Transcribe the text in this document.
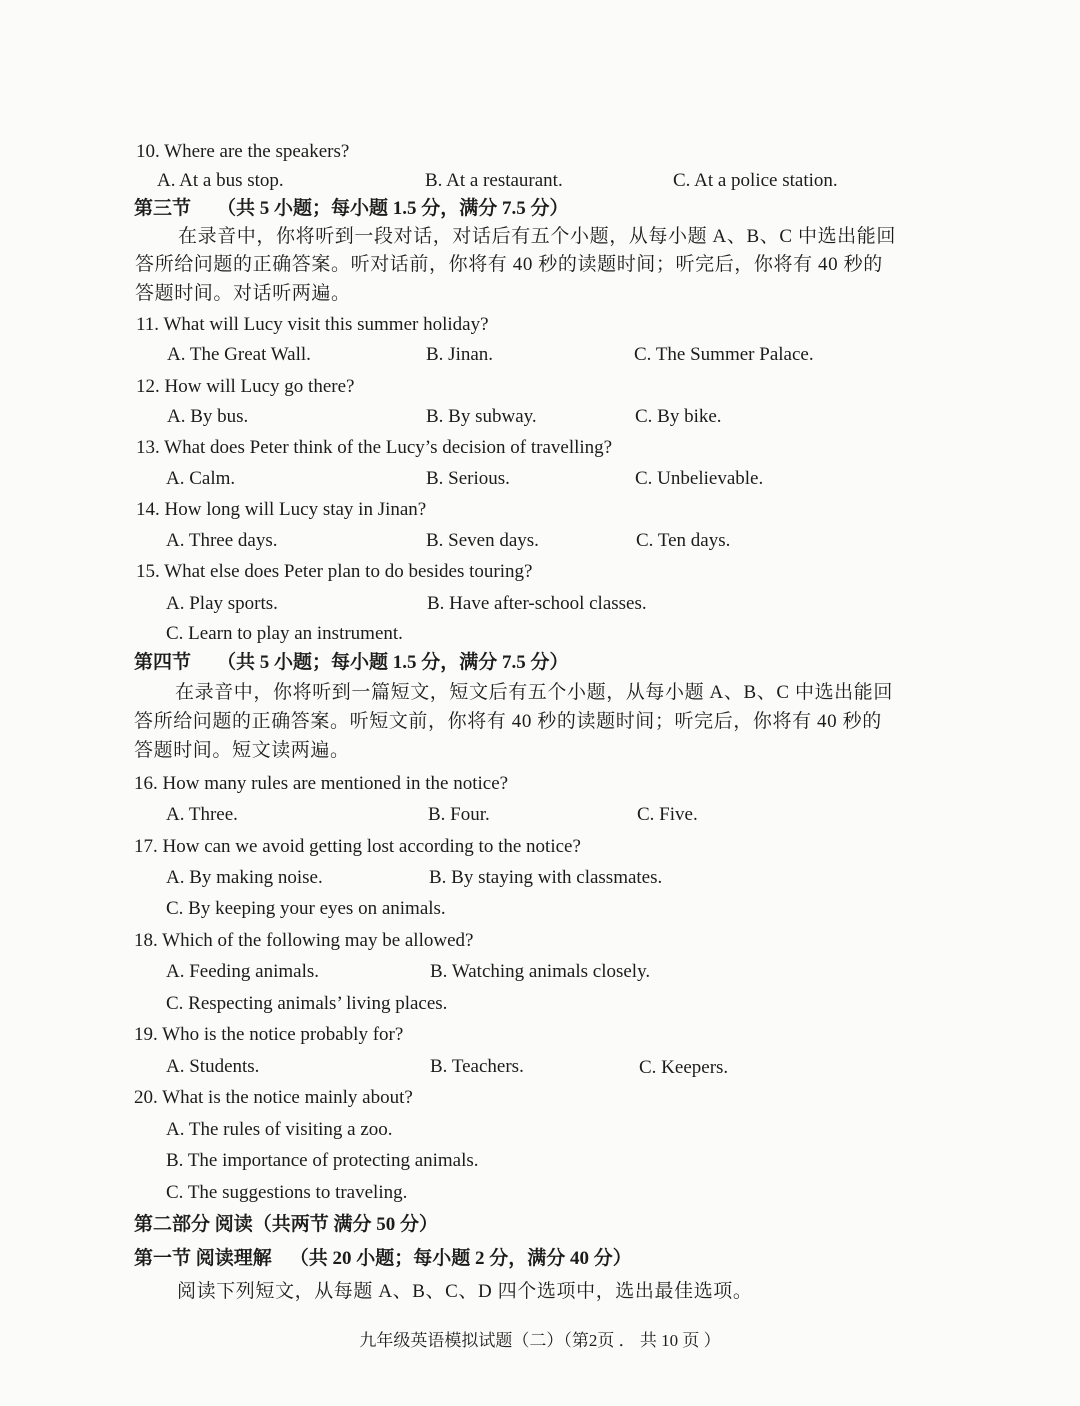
10. Where are the speakers?
A. At a bus stop.	B. At a restaurant.	C. At a police station.
第三节 （共 5 小题；每小题 1.5 分，满分 7.5 分）
在录音中，你将听到一段对话，对话后有五个小题，从每小题 A、B、C 中选出能回
答所给问题的正确答案。听对话前，你将有 40 秒的读题时间；听完后，你将有 40 秒的
答题时间。对话听两遍。
11. What will Lucy visit this summer holiday?
A. The Great Wall.	B. Jinan.	C. The Summer Palace.
12. How will Lucy go there?
A. By bus.	B. By subway.	C. By bike.
13. What does Peter think of the Lucy’s decision of travelling?
A. Calm.	B. Serious.	C. Unbelievable.
14. How long will Lucy stay in Jinan?
A. Three days.	B. Seven days.	C. Ten days.
15. What else does Peter plan to do besides touring?
A. Play sports.	B. Have after-school classes.
C. Learn to play an instrument.
第四节 （共 5 小题；每小题 1.5 分，满分 7.5 分）
在录音中，你将听到一篇短文，短文后有五个小题，从每小题 A、B、C 中选出能回
答所给问题的正确答案。听短文前，你将有 40 秒的读题时间；听完后，你将有 40 秒的
答题时间。短文读两遍。
16. How many rules are mentioned in the notice?
A. Three.	B. Four.	C. Five.
17. How can we avoid getting lost according to the notice?
A. By making noise.	B. By staying with classmates.
C. By keeping your eyes on animals.
18. Which of the following may be allowed?
A. Feeding animals.	B. Watching animals closely.
C. Respecting animals’ living places.
19. Who is the notice probably for?
A. Students.	B. Teachers.	C. Keepers.
20. What is the notice mainly about?
A. The rules of visiting a zoo.
B. The importance of protecting animals.
C. The suggestions to traveling.
第二部分 阅读（共两节 满分 50 分）
第一节 阅读理解 （共 20 小题；每小题 2 分，满分 40 分）
阅读下列短文，从每题 A、B、C、D 四个选项中，选出最佳选项。
九年级英语模拟试题（二）（第2页 ． 共 10 页 ）
